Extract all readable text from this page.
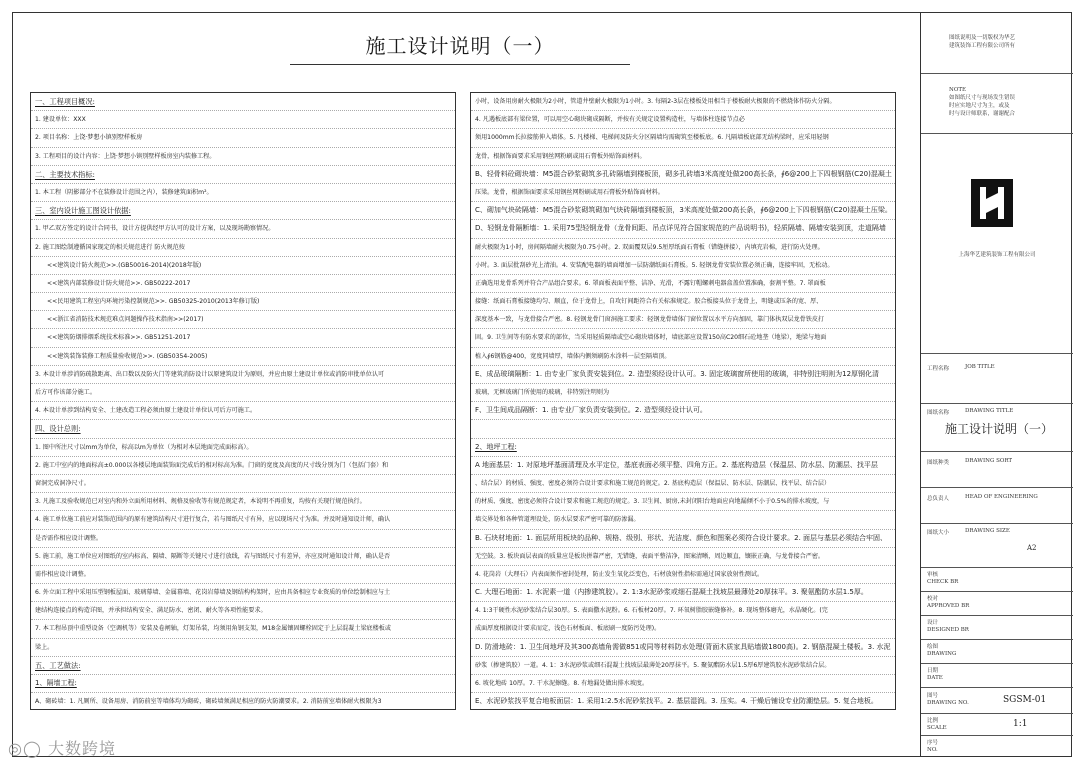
施工设计说明（一）
一、工程项目概况:
1. 建设单位：XXX
2. 项目名称：上饶·梦想小镇别墅样板房
3. 工程项目的设计内容：上饶·梦想小镇别墅样板房室内装修工程。
二、主要技术指标:
1. 本工程（阴影部分不在装修设计范围之内），装修建筑面积m²。
三、室内设计施工图设计依据:
1. 甲乙双方签定的设计合同书，设计方提供经甲方认可的设计方案，以及现场勘察情况。
2. 施工图绘制遵循国家现定的相关规范进行 防火规范按
<<建筑设计防火规范>>.(GB50016-2014)(2018年版)
<<建筑内部装修设计防火规范>>. GB50222-2017
<<民用建筑工程室内环境污染控制规范>>. GB50325-2010(2013年修订版)
<<浙江省消防技术规范难点问题操作技术指南>>(2017)
<<建筑防烟排烟系统技术标准>>. GB51251-2017
<<建筑装饰装修工程质量验收规范>>. (GB50354-2005)
3. 本设计单涉消防疏散距离、出口数以及防火门等建筑消防设计以原建筑设计为原则，并应由原土建设计单位或消防审批单位认可
后方可作该部分施工。
4. 本设计单涉到结构安全、土建改造工程必须由原土建设计单位认可后方可施工。
四、设计总则:
1. 图中所注尺寸以mm为单位，标高以m为单位（为相对本层地面完成面标高）。
2. 施工中室内的地面标高±0.000以各楼层地面装饰面完成后的相对标高为准。门窗的宽度及高度的尺寸线分别为门（包括门套）和
窗洞完成洞净尺寸。
3. 凡施工及验收规范已对室内和外立面所用材料、规格及验收等有规范规定者，本说明不再重复，均按有关现行规范执行。
4. 施工单位施工前应对装饰范围内的原有建筑结构尺寸进行复合，若与图纸尺寸有异，应以现场尺寸为准。并及时通知设计师，确认
是否需作相应设计调整。
5. 施工前，施工单位应对图纸的室内标高、隔墙、隔断等关键尺寸进行放线，若与图纸尺寸有差异，亦应及时通知设计师，确认是否
需作相应设计调整。
6. 外立面工程中采用压型钢板屋面、玻璃幕墙、金属幕墙、花岗岩幕墙及钢结构构架时，应由具备相应专业资质的单位绘制相应与土
建结构连接点的构造详图，并承担结构安全、满足防水、密闭、耐火等各项性能要求。
7. 本工程吊顶中重型设备（空调机等）安装及卷闸轴，灯架吊装，均须用角钢支架，M18金属镶固螺栓固定于上层混凝土梁底楼板或
梁上。
五、工艺做法:
1、隔墙工程:
A、砌砖墙：1. 凡厕所、设备用房、消防前室等墙体均为砌砖，砌砖墙须满足相应的防火防潮要求。2. 消防前室墙体耐火极限为3
小时，设备用房耐火极限为2小时，管道井壁耐火极限为1小时。3. 每隔2-3层在楼板处用相当于楼板耐火极限的不燃烧体作防火分隔。
4. 凡遇板底部有梁位置，可以用空心砌块砌成隔断，并按有关规定设置构造柱，与墙体柱连接节点必
须用1000mm长拉接筋伸入墙体。5. 凡楼梯、电梯间及防火分区隔墙均需砌筑至楼板底。6. 凡隔墙板底部无结构梁时，应采用轻钢
龙骨，根据饰面要求采用钢丝网粉刷或用石膏板外贴饰面材料。
B、轻骨料砼砌块墙：M5混合砂浆砌筑多孔砖隔墙到楼板顶，砌多孔砖墙3米高度处做200高长条，∮6@200上下四根钢筋(C20)混凝土
压梁。龙骨，根据饰面要求采用钢丝网粉刷或用石膏板外贴饰面材料。
C、砌加气块砖隔墙：M5混合砂浆砌筑砌加气块砖隔墙到楼板顶，3米高度处做200高长条，∮6@200上下四根钢筋(C20)混凝土压梁。
D、轻钢龙骨隔断墙：1. 采用75型轻钢龙骨（龙骨间距、吊点详见符合国家规范的产品说明书)，轻质隔墙、隔墙安装到顶，走道隔墙
耐火极限为1小时，房间隔墙耐火极限为0.75小时。2. 双面覆双层9.5厘厚纸面石膏板（错缝拼接），内填充岩棉，进行防火处理。
小时。3. 面层批刮砂光上清油。4. 安装配电器的墙面增加一层防潮纸面石膏板。5. 轻钢龙骨安装位置必须正确，连接牢固，无松动。
正确选用龙骨系列并符合产品组合要求。6. 罩面板表面平整、洁净、光滑，不露钉帽螺刺电器盒盖位置准确，套割平整。7. 罩面板
接缝：纸面石膏板接缝均匀、顺直，位于龙骨上，自攻钉间距符合有关标准规定。胶合板接头位于龙骨上，明缝或压条的宽、厚、
深度基本一致，与龙骨接合严密。8. 轻钢龙骨门窗洞施工要求：轻钢龙骨墙体门窗位置以水平方向加固，靠门体执双层龙骨铁皮打
固。9. 卫生间等有防水要求的部位，当采用轻质隔墙或空心砌块墙体时，墙底部应设置150高C20细石砼地垄（地梁），地梁与地面
植入∮6钢筋@400，宽度同墙厚，墙体内侧须刷防水涂料一层至隔墙顶。
E、成品玻璃隔断：1. 由专业厂家负责安装到位。2. 造型须经设计认可。3. 固定玻璃窗所使用的玻璃，非特别注明则为12厚钢化清
玻璃，无框玻璃门所使用的玻璃，非特别注明则为
F、卫生间成品隔断：1. 由专业厂家负责安装到位。2. 造型须经设计认可。
2、地坪工程:
A 地面基层：1. 对原地坪基面清理及水平定位，基底表面必须平整、四角方正。2. 基底构造层（保温层、防水层、防潮层、找平层
、结合层）的材质、强度、密度必须符合设计要求和施工规范的规定。2. 基底构造层（保温层、防水层、防潮层、找平层、结合层）
的材质、强度、密度必须符合设计要求和施工规范的规定。3. 卫生间、厨房,未封闭阳台地面应向地漏倾不小于0.5%的排水坡度，与
墙交界处和各种管道埋设处，防水层要求严密可靠的防渗漏。
B. 石块材地面：1. 面层所用板块的品种、规格、级别、形状、光洁度、颜色和图案必须符合设计要求。2. 面层与基层必须结合牢固、
无空鼓。3. 板块面层表面的质量应是板块拼靠严密，无错缝，表面平整洁净，图案清晰，周边顺直，镶嵌正确，与龙骨接合严密。
4. 花岗岩（大理石）内表面须作密封处理，防止发生氧化泛变色，石材放射性指标需通过国家放射性测试。
C. 大理石地面：1. 水泥素一道（内掺建筑胶）。2. 1:3水泥砂浆或细石混凝土找坡层最薄处20厚抹平。3. 聚氨酯防水层1.5厚。
4. 1:3干硬性水泥砂浆结合层30厚。5. 表面撒水泥粉。6. 石板材20厚。7. 环氧树脂胶嵌缝修补。8. 现场整体磨光，水晶硬化。(完
成面厚度根据设计要求而定，浅色石材板面、板底刷一度防污处理)。
D. 防滑地砖：1. 卫生间地坪及其300高墙角需做851或同等材料防水处理(背面木质家具贴墙做1800高)。2. 钢筋混凝土楼板。3. 水泥
砂浆（掺建筑胶）一道。4. 1：3水泥砂浆或细石混凝土找坡层最薄处20厚抹平。5. 聚氨酯防水层1.5厚6厚建筑胶水泥砂浆结合层。
6. 坡化地砖 10厚。7. 干水泥擦缝。8. 有地漏处做出排水坡度。
E、水泥砂浆找平复合地板面层：1. 采用1:2.5水泥砂浆找平。2. 基层湿润。3. 压实。4. 干燥后铺设专业防潮垫层。5. 复合地板。
图纸说明及一切版权为华艺
建筑装饰工程有限公司所有
NOTE
如图纸尺寸与现场发生错误
时应实地尺寸为主，或及
时与设计师联系，谢谢配合
上海华艺建筑装饰工程有限公司
工程名称	JOB TITLE
图纸名称	DRAWING TITLE
施工设计说明（一）
图纸种类	DRAWING SORT
总负责人	HEAD OF ENGINEERING
图纸大小	DRAWING SIZE
A2
审核
CHECK BR
校对
APPROVED BR
设计
DESIGNED BR
绘图
DRAWING
日期
DATE
图号
DRAWING NO.	SGSM-01
比例
SCALE	1:1
序号
NO.
◎◯ 大数跨境
